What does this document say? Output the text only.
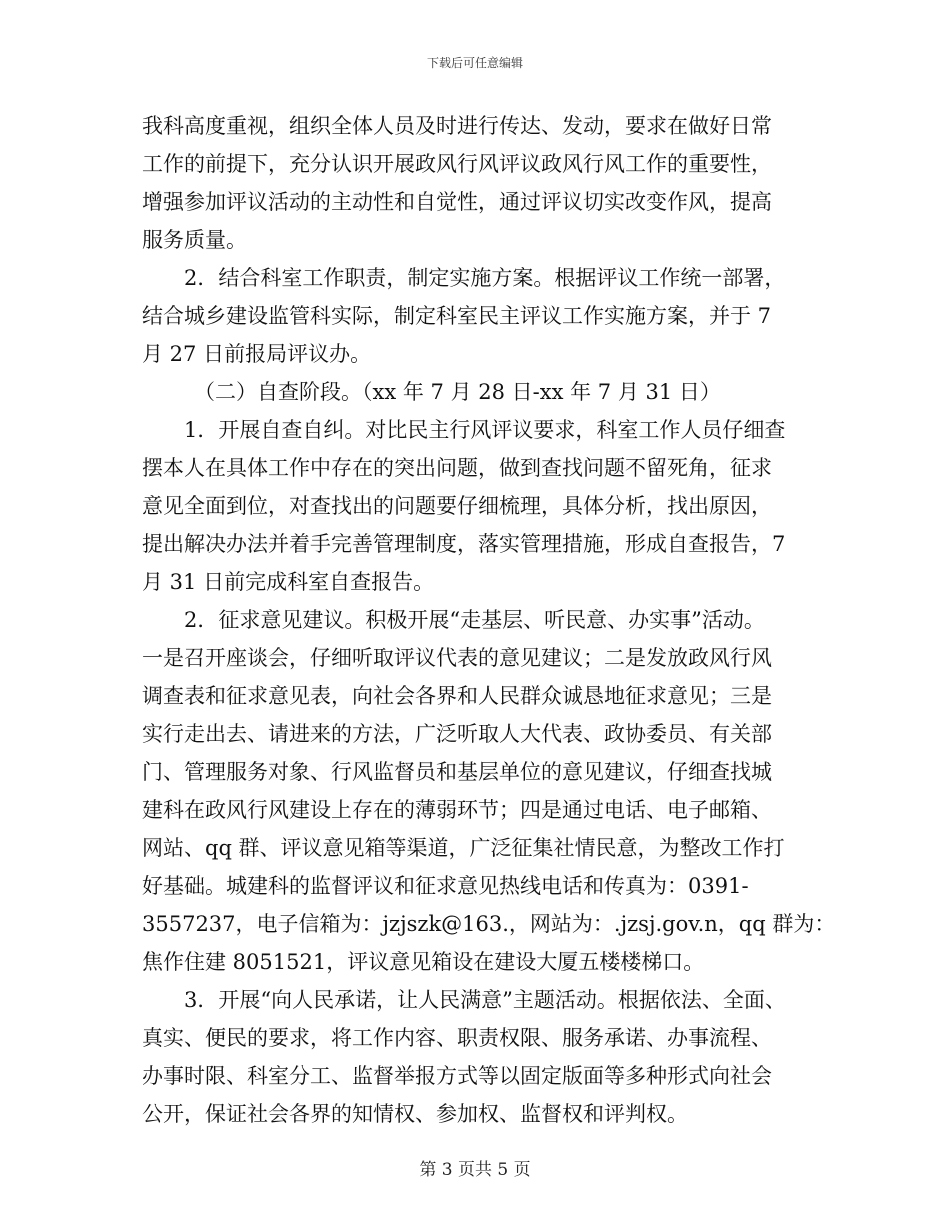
下载后可任意编辑
我科高度重视，组织全体人员及时进行传达、发动，要求在做好日常
工作的前提下，充分认识开展政风行风评议政风行风工作的重要性，
增强参加评议活动的主动性和自觉性，通过评议切实改变作风，提高
服务质量。
2．结合科室工作职责，制定实施方案。根据评议工作统一部署，
结合城乡建设监管科实际，制定科室民主评议工作实施方案，并于 7
月 27 日前报局评议办。
（二）自查阶段。（xx 年 7 月 28 日-xx 年 7 月 31 日）
1．开展自查自纠。对比民主行风评议要求，科室工作人员仔细查
摆本人在具体工作中存在的突出问题，做到查找问题不留死角，征求
意见全面到位，对查找出的问题要仔细梳理，具体分析，找出原因，
提出解决办法并着手完善管理制度，落实管理措施，形成自查报告，7
月 31 日前完成科室自查报告。
2．征求意见建议。积极开展“走基层、听民意、办实事”活动。
一是召开座谈会，仔细听取评议代表的意见建议；二是发放政风行风
调查表和征求意见表，向社会各界和人民群众诚恳地征求意见；三是
实行走出去、请进来的方法，广泛听取人大代表、政协委员、有关部
门、管理服务对象、行风监督员和基层单位的意见建议，仔细查找城
建科在政风行风建设上存在的薄弱环节；四是通过电话、电子邮箱、
网站、qq 群、评议意见箱等渠道，广泛征集社情民意，为整改工作打
好基础。城建科的监督评议和征求意见热线电话和传真为：0391-
3557237，电子信箱为：jzjszk@163.，网站为：.jzsj.gov.n，qq 群为：
焦作住建 8051521，评议意见箱设在建设大厦五楼楼梯口。
3．开展“向人民承诺，让人民满意”主题活动。根据依法、全面、
真实、便民的要求，将工作内容、职责权限、服务承诺、办事流程、
办事时限、科室分工、监督举报方式等以固定版面等多种形式向社会
公开，保证社会各界的知情权、参加权、监督权和评判权。
第 3 页共 5 页
